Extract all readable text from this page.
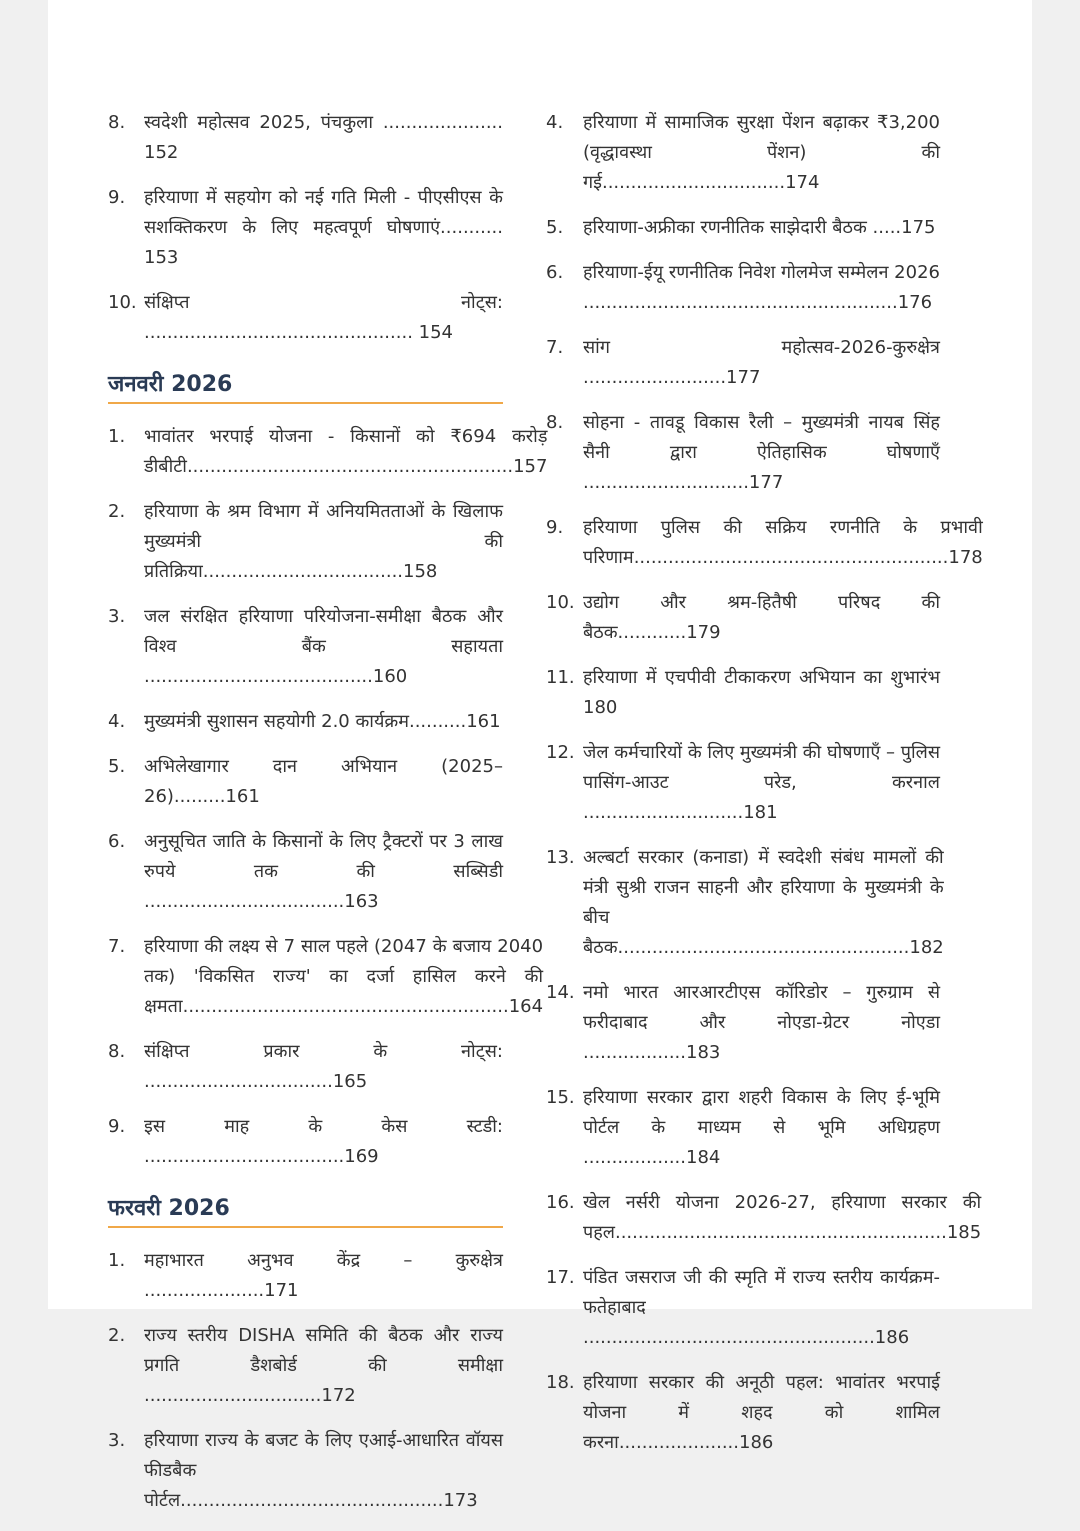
8.	स्वदेशी महोत्सव 2025, पंचकुला ..................... 152
9.	हरियाणा में सहयोग को नई गति मिली - पीएसीएस के सशक्तिकरण के लिए महत्वपूर्ण घोषणाएं........... 153
10. संक्षिप्त नोट्स: ............................................... 154
जनवरी 2026
1.	भावांतर भरपाई योजना - किसानों को ₹694 करोड़ डीबीटी.........................................................157
2.	हरियाणा के श्रम विभाग में अनियमितताओं के खिलाफ मुख्यमंत्री की प्रतिक्रिया...................................158
3.	जल संरक्षित हरियाणा परियोजना-समीक्षा बैठक और विश्व बैंक सहायता ........................................160
4.	मुख्यमंत्री सुशासन सहयोगी 2.0 कार्यक्रम..........161
5.	अभिलेखागार दान अभियान (2025–26).........161
6.	अनुसूचित जाति के किसानों के लिए ट्रैक्टरों पर 3 लाख रुपये तक की सब्सिडी ...................................163
7.	हरियाणा की लक्ष्य से 7 साल पहले (2047 के बजाय 2040 तक) 'विकसित राज्य' का दर्जा हासिल करने की क्षमता.........................................................164
8.	संक्षिप्त प्रकार के नोट्स: .................................165
9.	इस माह के केस स्टडी: ...................................169
फरवरी 2026
1.	महाभारत अनुभव केंद्र – कुरुक्षेत्र .....................171
2.	राज्य स्तरीय DISHA समिति की बैठक और राज्य प्रगति डैशबोर्ड की समीक्षा ...............................172
3.	हरियाणा राज्य के बजट के लिए एआई-आधारित वॉयस फीडबैक पोर्टल..............................................173
4.	हरियाणा में सामाजिक सुरक्षा पेंशन बढ़ाकर ₹3,200 (वृद्धावस्था पेंशन) की गई................................174
5.	हरियाणा-अफ्रीका रणनीतिक साझेदारी बैठक .....175
6.	हरियाणा-ईयू रणनीतिक निवेश गोलमेज सम्मेलन 2026 .......................................................176
7.	सांग महोत्सव-2026-कुरुक्षेत्र .........................177
8.	सोहना - तावडू विकास रैली – मुख्यमंत्री नायब सिंह सैनी द्वारा ऐतिहासिक घोषणाएँ .............................177
9.	हरियाणा पुलिस की सक्रिय रणनीति के प्रभावी परिणाम.......................................................178
10. उद्योग और श्रम-हितैषी परिषद की बैठक............179
11. हरियाणा में एचपीवी टीकाकरण अभियान का शुभारंभ 180
12. जेल कर्मचारियों के लिए मुख्यमंत्री की घोषणाएँ – पुलिस पासिंग-आउट परेड, करनाल ............................181
13. अल्बर्टा सरकार (कनाडा) में स्वदेशी संबंध मामलों की मंत्री सुश्री राजन साहनी और हरियाणा के मुख्यमंत्री के बीच बैठक...................................................182
14. नमो भारत आरआरटीएस कॉरिडोर – गुरुग्राम से फरीदाबाद और नोएडा-ग्रेटर नोएडा ..................183
15. हरियाणा सरकार द्वारा शहरी विकास के लिए ई-भूमि पोर्टल के माध्यम से भूमि अधिग्रहण ..................184
16. खेल नर्सरी योजना 2026-27, हरियाणा सरकार की पहल..........................................................185
17. पंडित जसराज जी की स्मृति में राज्य स्तरीय कार्यक्रम- फतेहाबाद ...................................................186
18. हरियाणा सरकार की अनूठी पहल: भावांतर भरपाई योजना में शहद को शामिल करना.....................186
